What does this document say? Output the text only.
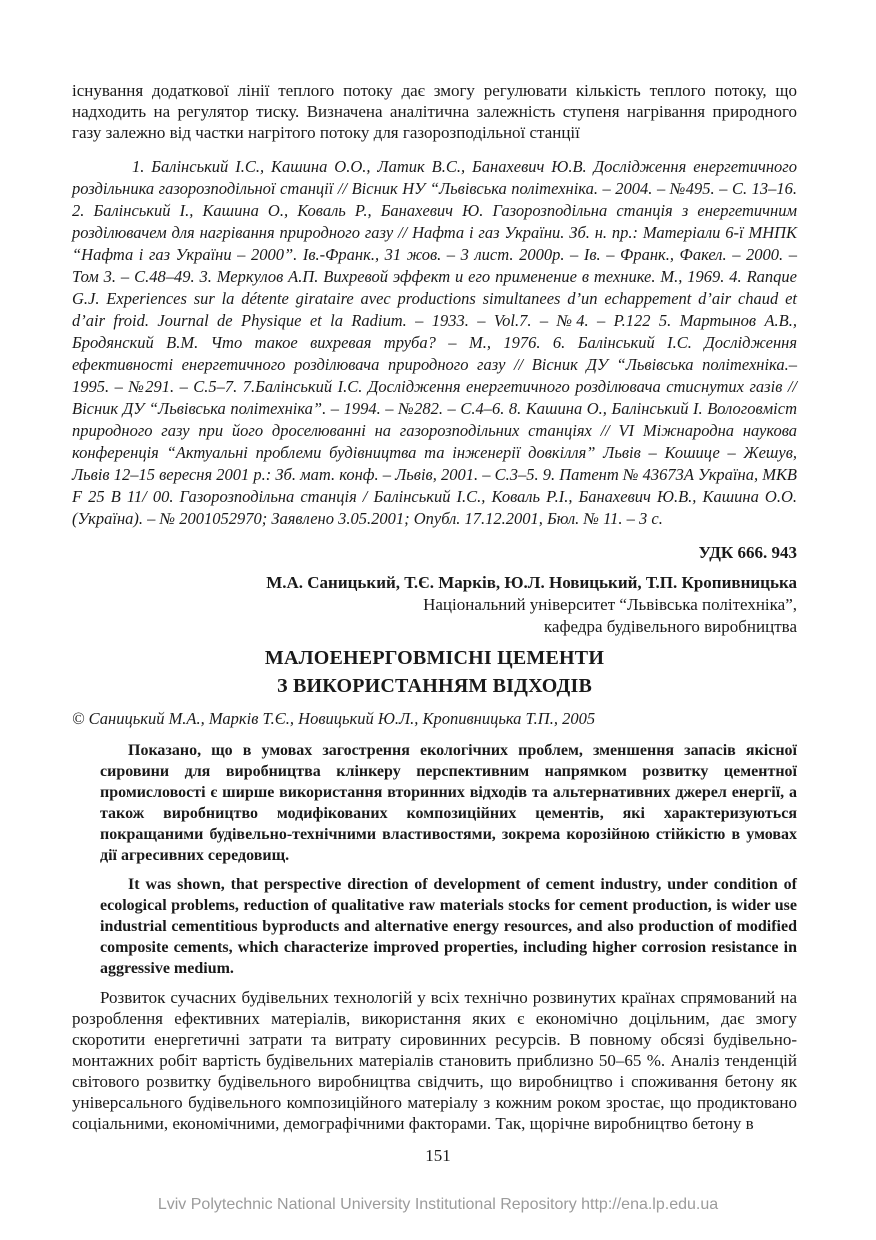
існування додаткової лінії теплого потоку дає змогу регулювати кількість теплого потоку, що надходить на регулятор тиску. Визначена аналітична залежність ступеня нагрівання природного газу залежно від частки нагрітого потоку для газорозподільної станції

1. Балінський І.С., Кашина О.О., Латик В.С., Банахевич Ю.В. Дослідження енергетичного роздільника газорозподільної станції // Вісник НУ “Львівська політехніка. – 2004. – №495. – С. 13–16. 2. Балінський І., Кашина О., Коваль Р., Банахевич Ю. Газорозподільна станція з енергетичним розділювачем для нагрівання природного газу // Нафта і газ України. Зб. н. пр.: Матеріали 6-ї МНПК “Нафта і газ України – 2000”. Ів.-Франк., 31 жов. – 3 лист. 2000р. – Ів. – Франк., Факел. – 2000. – Том 3. – С.48–49. 3. Меркулов А.П. Вихревой эффект и его применение в технике. М., 1969. 4. Ranque G.J. Experiences sur la détente girataire avec productions simultanees d’un echappement d’air chaud et d’air froid. Journal de Physique et la Radium. – 1933. – Vol.7. – №4. – P.122 5. Мартынов А.В., Бродянский В.М. Что такое вихревая труба? – М., 1976. 6. Балінський І.С. Дослідження ефективності енергетичного розділювача природного газу // Вісник ДУ “Львівська політехніка.– 1995. – №291. – С.5–7. 7.Балінський І.С. Дослідження енергетичного розділювача стиснутих газів // Вісник ДУ “Львівська політехніка”. – 1994. – №282. – С.4–6. 8. Кашина О., Балінський І. Вологовміст природного газу при його дроселюванні на газорозподільних станціях // VI Міжнародна наукова конференція “Актуальні проблеми будівництва та інженерії довкілля” Львів – Кошице – Жешув, Львів 12–15 вересня 2001 р.: Зб. мат. конф. – Львів, 2001. – С.3–5. 9. Патент № 43673А Україна, МКВ F 25 В 11/ 00. Газорозподільна станція / Балінський І.С., Коваль Р.І., Банахевич Ю.В., Кашина О.О. (Україна). – № 2001052970; Заявлено 3.05.2001; Опубл. 17.12.2001, Бюл. № 11. – 3 с.

УДК 666. 943

М.А. Саницький, Т.Є. Марків, Ю.Л. Новицький, Т.П. Кропивницька

Національний університет “Львівська політехніка”,

кафедра будівельного виробництва

МАЛОЕНЕРГОВМІСНІ ЦЕМЕНТИ
З ВИКОРИСТАННЯМ ВІДХОДІВ

© Саницький М.А., Марків Т.Є., Новицький Ю.Л., Кропивницька Т.П., 2005

Показано, що в умовах загострення екологічних проблем, зменшення запасів якісної сировини для виробництва клінкеру перспективним напрямком розвитку цементної промисловості є ширше використання вторинних відходів та альтернативних джерел енергії, а також виробництво модифікованих композиційних цементів, які характеризуються покращаними будівельно-технічними властивостями, зокрема корозійною стійкістю в умовах дії агресивних середовищ.

It was shown, that perspective direction of development of cement industry, under condition of ecological problems, reduction of qualitative raw materials stocks for cement production, is wider use industrial cementitious byproducts and alternative energy resources, and also production of modified composite cements, which characterize improved properties, including higher corrosion resistance in aggressive medium.

Розвиток сучасних будівельних технологій у всіх технічно розвинутих країнах спрямований на розроблення ефективних матеріалів, використання яких є економічно доцільним, дає змогу скоротити енергетичні затрати та витрату сировинних ресурсів. В повному обсязі будівельно-монтажних робіт вартість будівельних матеріалів становить приблизно 50–65 %. Аналіз тенденцій світового розвитку будівельного виробництва свідчить, що виробництво і споживання бетону як універсального будівельного композиційного матеріалу з кожним роком зростає, що продиктовано соціальними, економічними, демографічними факторами. Так, щорічне виробництво бетону в

151
Lviv Polytechnic National University Institutional Repository http://ena.lp.edu.ua
